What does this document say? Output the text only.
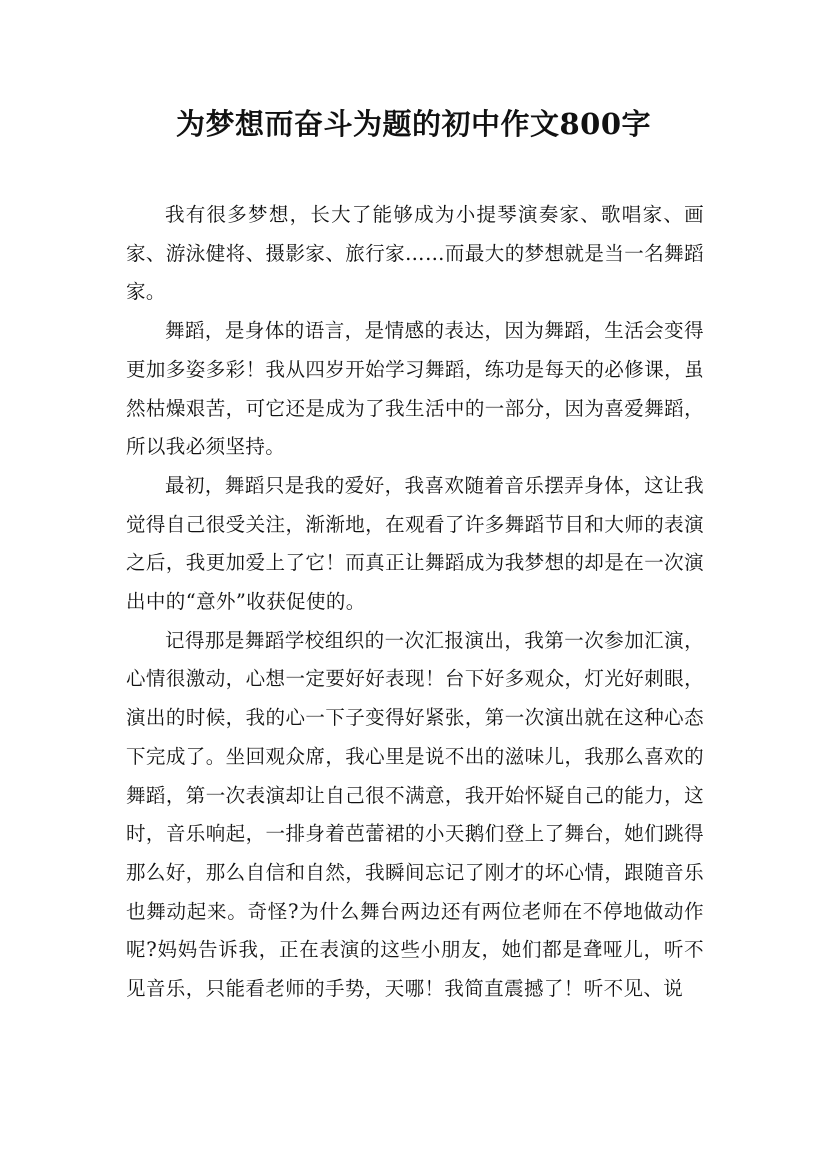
为梦想而奋斗为题的初中作文800字

我有很多梦想，长大了能够成为小提琴演奏家、歌唱家、画家、游泳健将、摄影家、旅行家……而最大的梦想就是当一名舞蹈家。

舞蹈，是身体的语言，是情感的表达，因为舞蹈，生活会变得更加多姿多彩！我从四岁开始学习舞蹈，练功是每天的必修课，虽然枯燥艰苦，可它还是成为了我生活中的一部分，因为喜爱舞蹈，所以我必须坚持。

最初，舞蹈只是我的爱好，我喜欢随着音乐摆弄身体，这让我觉得自己很受关注，渐渐地，在观看了许多舞蹈节目和大师的表演之后，我更加爱上了它！而真正让舞蹈成为我梦想的却是在一次演出中的“意外”收获促使的。

记得那是舞蹈学校组织的一次汇报演出，我第一次参加汇演，心情很激动，心想一定要好好表现！台下好多观众，灯光好刺眼，演出的时候，我的心一下子变得好紧张，第一次演出就在这种心态下完成了。坐回观众席，我心里是说不出的滋味儿，我那么喜欢的舞蹈，第一次表演却让自己很不满意，我开始怀疑自己的能力，这时，音乐响起，一排身着芭蕾裙的小天鹅们登上了舞台，她们跳得那么好，那么自信和自然，我瞬间忘记了刚才的坏心情，跟随音乐也舞动起来。奇怪?为什么舞台两边还有两位老师在不停地做动作呢?妈妈告诉我，正在表演的这些小朋友，她们都是聋哑儿，听不见音乐，只能看老师的手势，天哪！我简直震撼了！听不见、说
